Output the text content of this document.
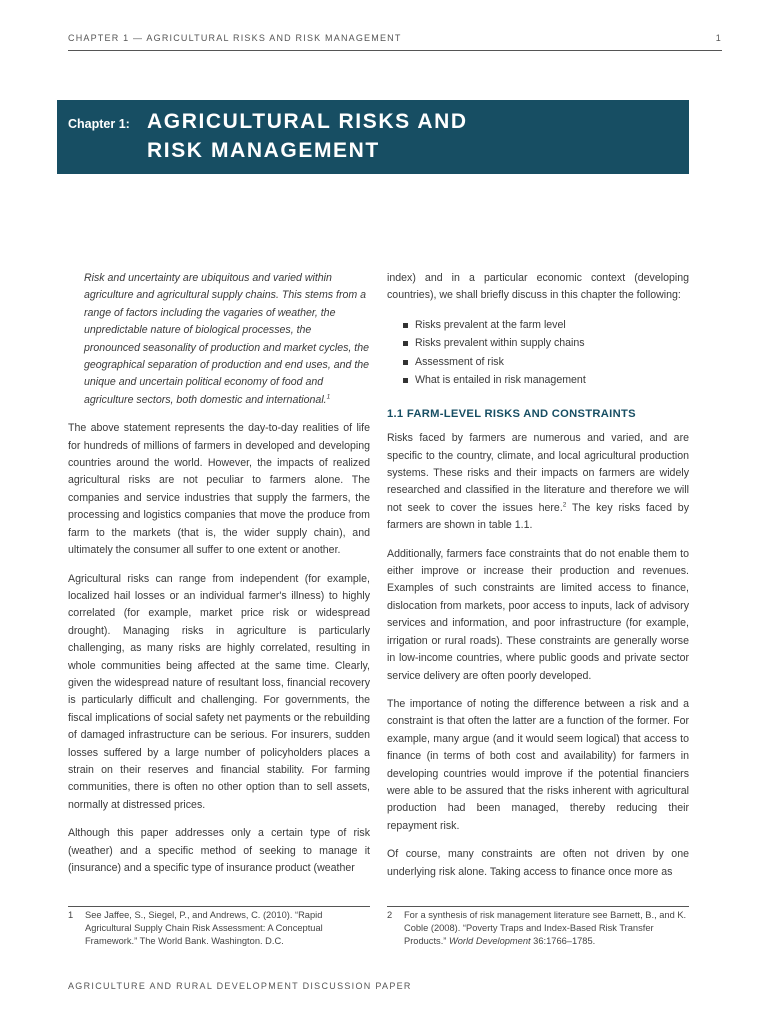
CHAPTER 1 — AGRICULTURAL RISKS AND RISK MANAGEMENT	1
Chapter 1: AGRICULTURAL RISKS AND
RISK MANAGEMENT

Risk and uncertainty are ubiquitous and varied within agriculture and agricultural supply chains. This stems from a range of factors including the vagaries of weather, the unpredictable nature of biological processes, the pronounced seasonality of production and market cycles, the geographical separation of production and end uses, and the unique and uncertain political economy of food and agriculture sectors, both domestic and international.$^1$

The above statement represents the day-to-day realities of life for hundreds of millions of farmers in developed and developing countries around the world. However, the impacts of realized agricultural risks are not peculiar to farmers alone. The companies and service industries that supply the farmers, the processing and logistics companies that move the produce from farm to the markets (that is, the wider supply chain), and ultimately the consumer all suffer to one extent or another.

Agricultural risks can range from independent (for example, localized hail losses or an individual farmer's illness) to highly correlated (for example, market price risk or widespread drought). Managing risks in agriculture is particularly challenging, as many risks are highly correlated, resulting in whole communities being affected at the same time. Clearly, given the widespread nature of resultant loss, financial recovery is particularly difficult and challenging. For governments, the fiscal implications of social safety net payments or the rebuilding of damaged infrastructure can be serious. For insurers, sudden losses suffered by a large number of policyholders places a strain on their reserves and financial stability. For farming communities, there is often no other option than to sell assets, normally at distressed prices.

Although this paper addresses only a certain type of risk (weather) and a specific method of seeking to manage it (insurance) and a specific type of insurance product (weather

index) and in a particular economic context (developing countries), we shall briefly discuss in this chapter the following:

Risks prevalent at the farm level
Risks prevalent within supply chains
Assessment of risk
What is entailed in risk management
1.1 FARM-LEVEL RISKS AND CONSTRAINTS

Risks faced by farmers are numerous and varied, and are specific to the country, climate, and local agricultural production systems. These risks and their impacts on farmers are widely researched and classified in the literature and therefore we will not seek to cover the issues here.$^2$ The key risks faced by farmers are shown in table 1.1.

Additionally, farmers face constraints that do not enable them to either improve or increase their production and revenues. Examples of such constraints are limited access to finance, dislocation from markets, poor access to inputs, lack of advisory services and information, and poor infrastructure (for example, irrigation or rural roads). These constraints are generally worse in low-income countries, where public goods and private sector service delivery are often poorly developed.

The importance of noting the difference between a risk and a constraint is that often the latter are a function of the former. For example, many argue (and it would seem logical) that access to finance (in terms of both cost and availability) for farmers in developing countries would improve if the potential financiers were able to be assured that the risks inherent with agricultural production had been managed, thereby reducing their repayment risk.

Of course, many constraints are often not driven by one underlying risk alone. Taking access to finance once more as

1 See Jaffee, S., Siegel, P., and Andrews, C. (2010). “Rapid Agricultural Supply Chain Risk Assessment: A Conceptual Framework.” The World Bank. Washington. D.C.
2 For a synthesis of risk management literature see Barnett, B., and K. Coble (2008). “Poverty Traps and Index-Based Risk Transfer Products.” World Development 36:1766–1785.
AGRICULTURE AND RURAL DEVELOPMENT DISCUSSION PAPER
